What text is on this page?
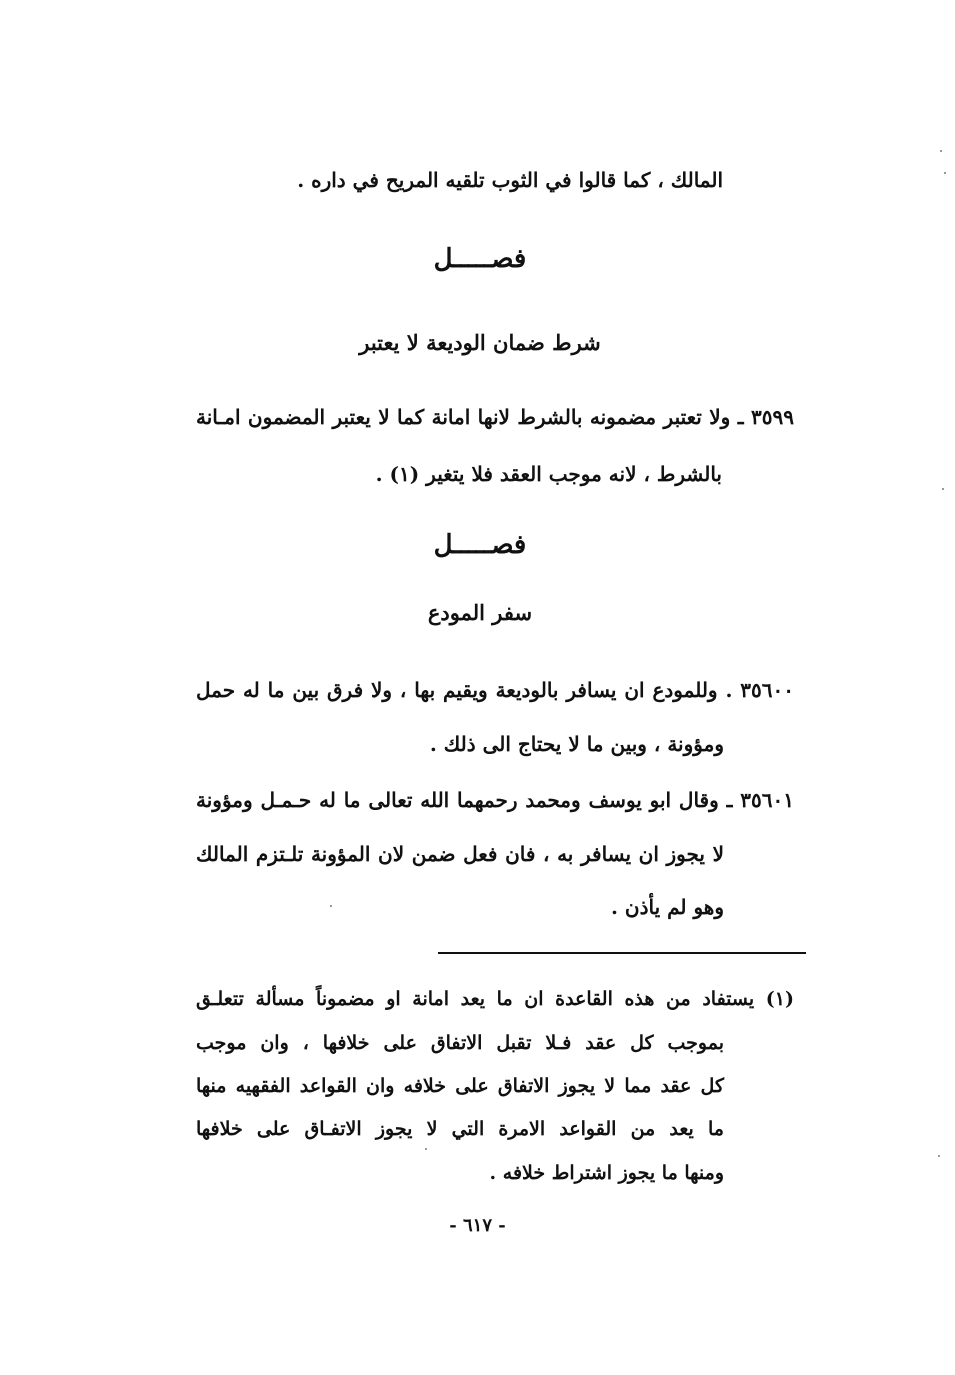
المالك ، كما قالوا في الثوب تلقيه المريح في داره .
فصـــــل
شرط ضمان الوديعة لا يعتبر
٣٥٩٩ ـ ولا تعتبر مضمونه بالشرط لانها امانة كما لا يعتبر المضمون امـانة
بالشرط ، لانه موجب العقد فلا يتغير (١) .
فصـــــل
سفر المودع
٣٥٦٠٠ . وللمودع ان يسافر بالوديعة ويقيم بها ، ولا فرق بين ما له حمل
ومؤونة ، وبين ما لا يحتاج الى ذلك .
٣٥٦٠١ ـ وقال ابو يوسف ومحمد رحمهما الله تعالى ما له حـمـل ومؤونة
لا يجوز ان يسافر به ، فان فعل ضمن لان المؤونة تلـتزم المالك
وهو لم يأذن .
(١) يستفاد من هذه القاعدة ان ما يعد امانة او مضموناً مسألة تتعلـق
بموجب كل عقد فـلا تقبل الاتفاق على خلافها ، وان موجب
كل عقد مما لا يجوز الاتفاق على خلافه وان القواعد الفقهيه منها
ما يعد من القواعد الامرة التي لا يجوز الاتفـاق على خلافها
ومنها ما يجوز اشتراط خلافه .
- ٦١٧ -
